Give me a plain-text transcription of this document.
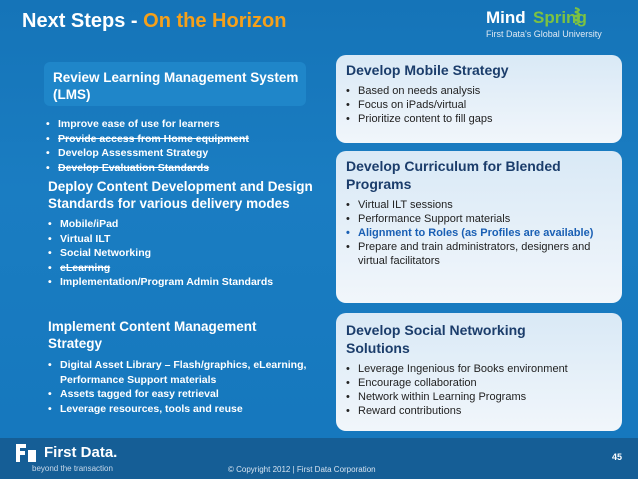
Next Steps - On the Horizon	Mind Spring
First Data's Global University
Review Learning Management System (LMS)
• Improve ease of use for learners
• Provide access from Home equipment
• Develop Assessment Strategy
• Develop Evaluation Standards
Deploy Content Development and Design Standards for various delivery modes
• Mobile/iPad
• Virtual ILT
• Social Networking
• eLearning
• Implementation/Program Admin Standards
Implement Content Management Strategy
• Digital Asset Library – Flash/graphics, eLearning, Performance Support materials
• Assets tagged for easy retrieval
• Leverage resources, tools and reuse
Develop Mobile Strategy
• Based on needs analysis
• Focus on iPads/virtual
• Prioritize content to fill gaps
Develop Curriculum for Blended Programs
• Virtual ILT sessions
• Performance Support materials
• Alignment to Roles (as Profiles are available)
• Prepare and train administrators, designers and virtual facilitators
Develop Social Networking Solutions
• Leverage Ingenious for Books environment
• Encourage collaboration
• Network within Learning Programs
• Reward contributions
First Data.
beyond the transaction	© Copyright 2012 | First Data Corporation
45
